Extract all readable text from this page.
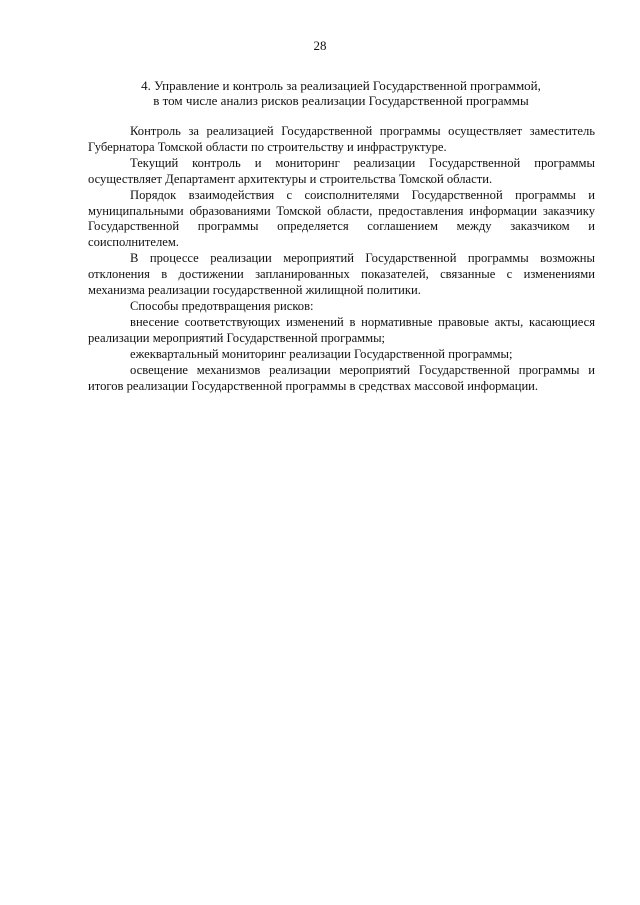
28
4. Управление и контроль за реализацией Государственной программой,
в том числе анализ рисков реализации Государственной программы

Контроль за реализацией Государственной программы осуществляет заместитель Губернатора Томской области по строительству и инфраструктуре.

Текущий контроль и мониторинг реализации Государственной программы осуществляет Департамент архитектуры и строительства Томской области.

Порядок взаимодействия с соисполнителями Государственной программы и муниципальными образованиями Томской области, предоставления информации заказчику Государственной программы определяется соглашением между заказчиком и соисполнителем.

В процессе реализации мероприятий Государственной программы возможны отклонения в достижении запланированных показателей, связанные с изменениями механизма реализации государственной жилищной политики.

Способы предотвращения рисков:

внесение соответствующих изменений в нормативные правовые акты, касающиеся реализации мероприятий Государственной программы;

ежеквартальный мониторинг реализации Государственной программы;

освещение механизмов реализации мероприятий Государственной программы и итогов реализации Государственной программы в средствах массовой информации.
